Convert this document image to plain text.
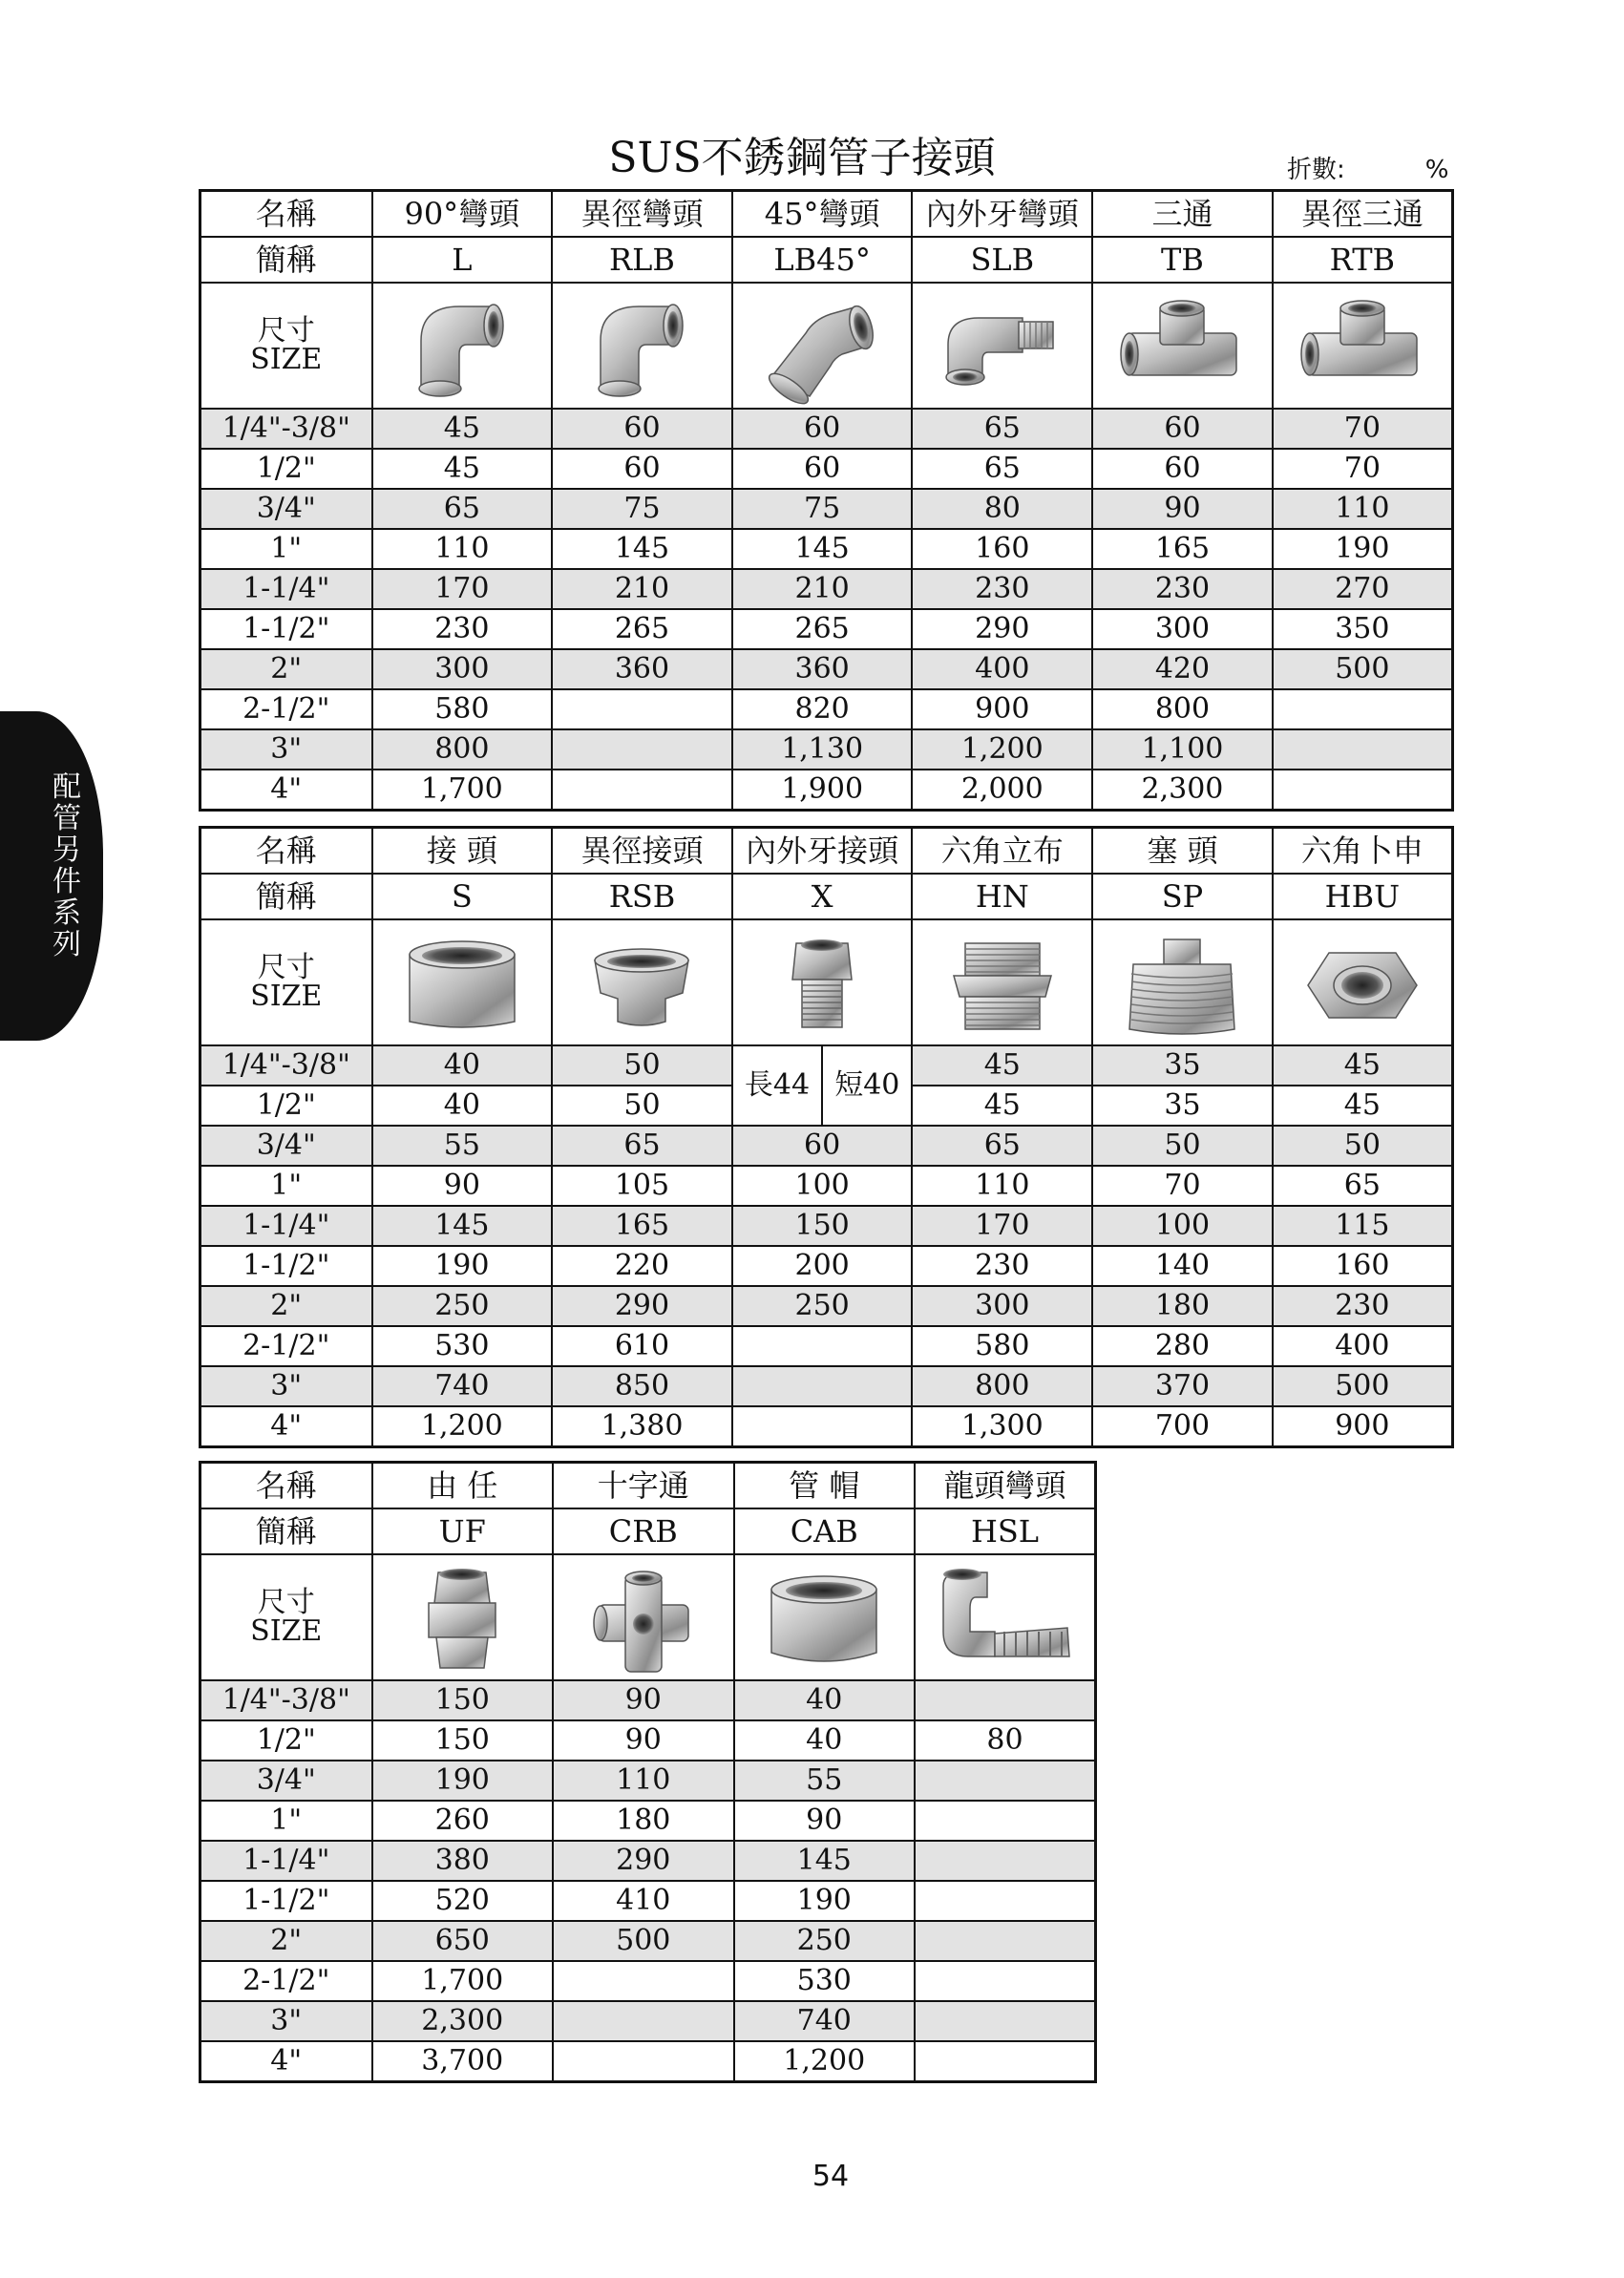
SUS不銹鋼管子接頭	折數:	%
配
管
另
件
系
列
名稱	90°彎頭	異徑彎頭	45°彎頭	內外牙彎頭	三通	異徑三通
簡稱	L	RLB	LB45°	SLB	TB	RTB
尺寸
SIZE	

1/4"-3/8"	45	60	60	65	60	70
1/2"	45	60	60	65	60	70
3/4"	65	75	75	80	90	110
1"	110	145	145	160	165	190
1-1/4"	170	210	210	230	230	270
1-1/2"	230	265	265	290	300	350
2"	300	360	360	400	420	500
2-1/2"	580		820	900	800	
3"	800		1,130	1,200	1,100	
4"	1,700		1,900	2,000	2,300	
名稱	接 頭	異徑接頭	內外牙接頭	六角立布	塞 頭	六角卜申
簡稱	S	RSB	X	HN	SP	HBU
尺寸
SIZE	

1/4"-3/8"	40	50	長44 短40	45	35	45
1/2"	40	50		45	35	45
3/4"	55	65	60	65	50	50
1"	90	105	100	110	70	65
1-1/4"	145	165	150	170	100	115
1-1/2"	190	220	200	230	140	160
2"	250	290	250	300	180	230
2-1/2"	530	610		580	280	400
3"	740	850		800	370	500
4"	1,200	1,380		1,300	700	900
名稱	由 任	十字通	管 帽	龍頭彎頭
簡稱	UF	CRB	CAB	HSL
尺寸
SIZE	

1/4"-3/8"	150	90	40	
1/2"	150	90	40	80
3/4"	190	110	55	
1"	260	180	90	
1-1/4"	380	290	145	
1-1/2"	520	410	190	
2"	650	500	250	
2-1/2"	1,700		530	
3"	2,300		740	
4"	3,700		1,200	
54
